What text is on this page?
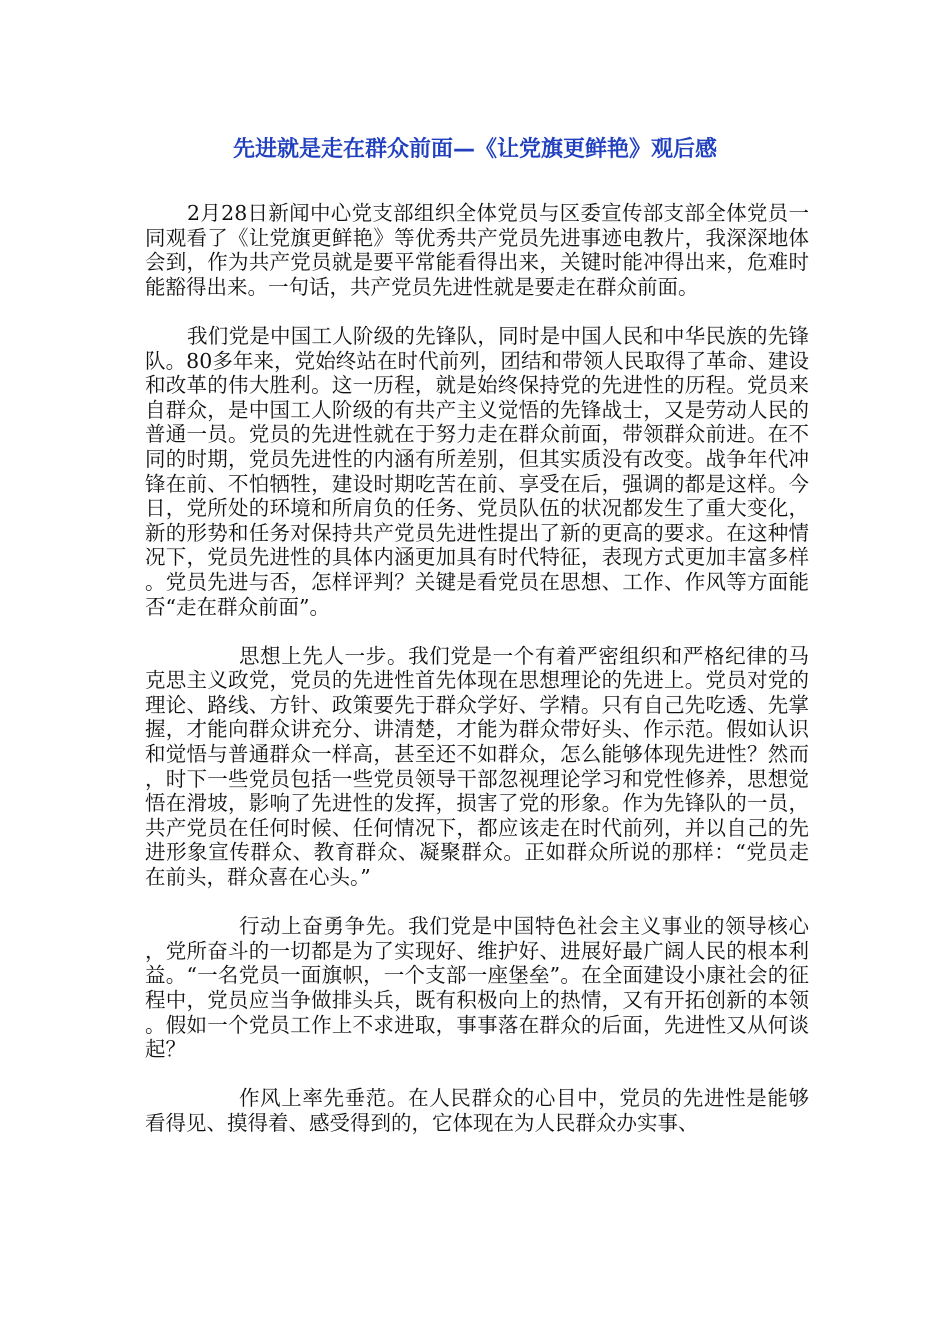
先进就是走在群众前面—《让党旗更鲜艳》观后感

2月28日新闻中心党支部组织全体党员与区委宣传部支部全体党员一同观看了《让党旗更鲜艳》等优秀共产党员先进事迹电教片，我深深地体会到，作为共产党员就是要平常能看得出来，关键时能冲得出来，危难时能豁得出来。一句话，共产党员先进性就是要走在群众前面。

我们党是中国工人阶级的先锋队，同时是中国人民和中华民族的先锋队。80多年来，党始终站在时代前列，团结和带领人民取得了革命、建设和改革的伟大胜利。这一历程，就是始终保持党的先进性的历程。党员来自群众，是中国工人阶级的有共产主义觉悟的先锋战士，又是劳动人民的普通一员。党员的先进性就在于努力走在群众前面，带领群众前进。在不同的时期，党员先进性的内涵有所差别，但其实质没有改变。战争年代冲锋在前、不怕牺牲，建设时期吃苦在前、享受在后，强调的都是这样。今日，党所处的环境和所肩负的任务、党员队伍的状况都发生了重大变化，新的形势和任务对保持共产党员先进性提出了新的更高的要求。在这种情况下，党员先进性的具体内涵更加具有时代特征，表现方式更加丰富多样。党员先进与否，怎样评判？关键是看党员在思想、工作、作风等方面能否“走在群众前面”。

思想上先人一步。我们党是一个有着严密组织和严格纪律的马克思主义政党，党员的先进性首先体现在思想理论的先进上。党员对党的理论、路线、方针、政策要先于群众学好、学精。只有自己先吃透、先掌握，才能向群众讲充分、讲清楚，才能为群众带好头、作示范。假如认识和觉悟与普通群众一样高，甚至还不如群众，怎么能够体现先进性？然而，时下一些党员包括一些党员领导干部忽视理论学习和党性修养，思想觉悟在滑坡，影响了先进性的发挥，损害了党的形象。作为先锋队的一员，共产党员在任何时候、任何情况下，都应该走在时代前列，并以自己的先进形象宣传群众、教育群众、凝聚群众。正如群众所说的那样：“党员走在前头，群众喜在心头。”

行动上奋勇争先。我们党是中国特色社会主义事业的领导核心，党所奋斗的一切都是为了实现好、维护好、进展好最广阔人民的根本利益。“一名党员一面旗帜，一个支部一座堡垒”。在全面建设小康社会的征程中，党员应当争做排头兵，既有积极向上的热情，又有开拓创新的本领。假如一个党员工作上不求进取，事事落在群众的后面，先进性又从何谈起？

作风上率先垂范。在人民群众的心目中，党员的先进性是能够看得见、摸得着、感受得到的，它体现在为人民群众办实事、
